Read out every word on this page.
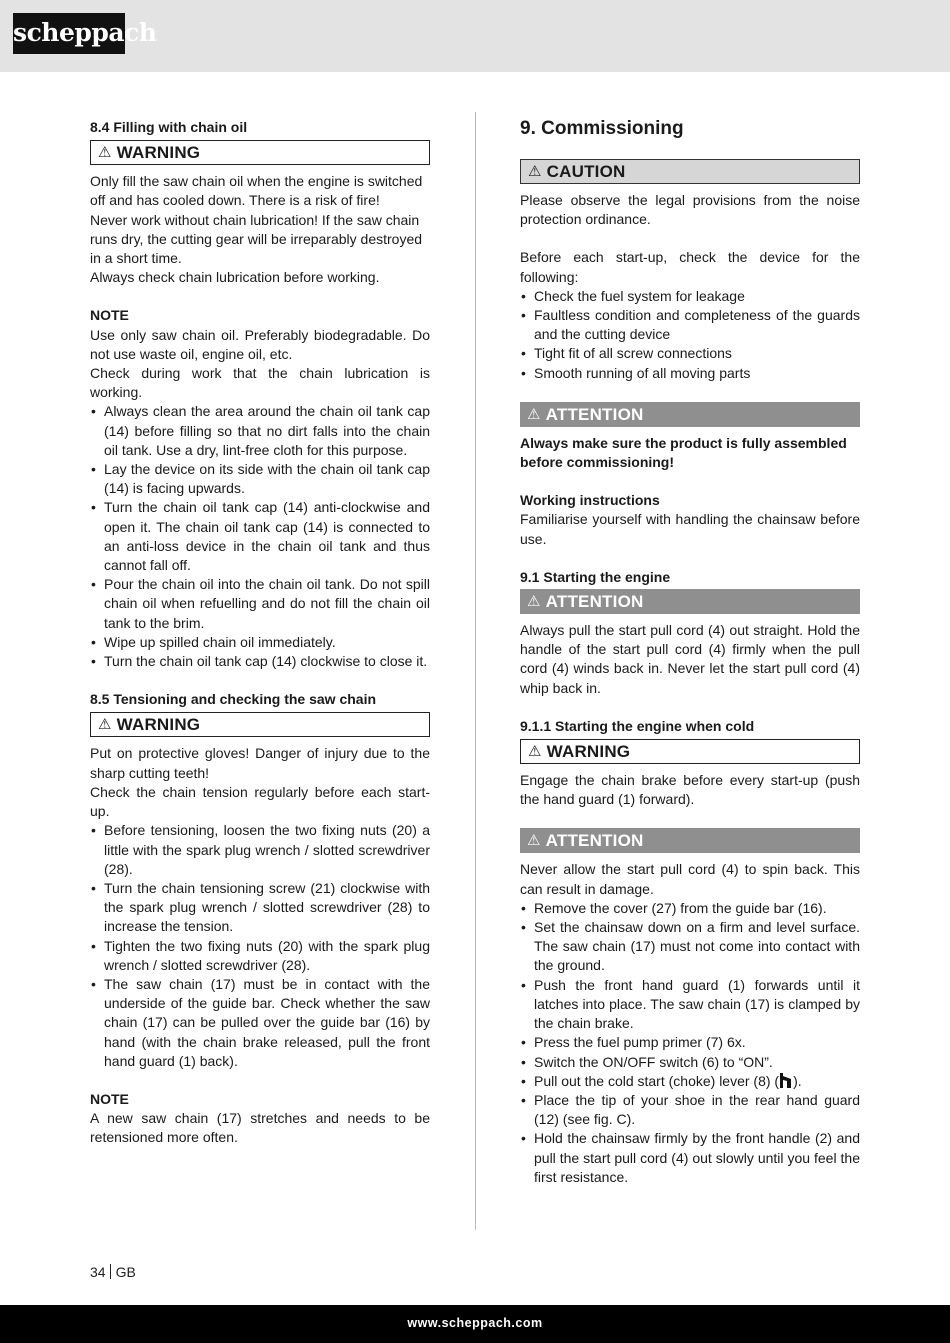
scheppach

8.4 Filling with chain oil

⚠ WARNING

Only fill the saw chain oil when the engine is switched off and has cooled down. There is a risk of fire!

Never work without chain lubrication! If the saw chain runs dry, the cutting gear will be irreparably destroyed in a short time.

Always check chain lubrication before working.

NOTE

Use only saw chain oil. Preferably biodegradable. Do not use waste oil, engine oil, etc.

Check during work that the chain lubrication is working.

• Always clean the area around the chain oil tank cap (14) before filling so that no dirt falls into the chain oil tank. Use a dry, lint-free cloth for this purpose.
• Lay the device on its side with the chain oil tank cap (14) is facing upwards.
• Turn the chain oil tank cap (14) anti-clockwise and open it. The chain oil tank cap (14) is connected to an anti-loss device in the chain oil tank and thus cannot fall off.
• Pour the chain oil into the chain oil tank. Do not spill chain oil when refuelling and do not fill the chain oil tank to the brim.
• Wipe up spilled chain oil immediately.
• Turn the chain oil tank cap (14) clockwise to close it.

8.5 Tensioning and checking the saw chain

⚠ WARNING

Put on protective gloves! Danger of injury due to the sharp cutting teeth!

Check the chain tension regularly before each start-up.

• Before tensioning, loosen the two fixing nuts (20) a little with the spark plug wrench / slotted screwdriver (28).
• Turn the chain tensioning screw (21) clockwise with the spark plug wrench / slotted screwdriver (28) to increase the tension.
• Tighten the two fixing nuts (20) with the spark plug wrench / slotted screwdriver (28).
• The saw chain (17) must be in contact with the underside of the guide bar. Check whether the saw chain (17) can be pulled over the guide bar (16) by hand (with the chain brake released, pull the front hand guard (1) back).

NOTE

A new saw chain (17) stretches and needs to be retensioned more often.

9. Commissioning

⚠ CAUTION

Please observe the legal provisions from the noise protection ordinance.

Before each start-up, check the device for the following:

• Check the fuel system for leakage
• Faultless condition and completeness of the guards and the cutting device
• Tight fit of all screw connections
• Smooth running of all moving parts
⚠ ATTENTION

Always make sure the product is fully assembled before commissioning!

Working instructions

Familiarise yourself with handling the chainsaw before use.

9.1 Starting the engine

⚠ ATTENTION

Always pull the start pull cord (4) out straight. Hold the handle of the start pull cord (4) firmly when the pull cord (4) winds back in. Never let the start pull cord (4) whip back in.

9.1.1 Starting the engine when cold

⚠ WARNING

Engage the chain brake before every start-up (push the hand guard (1) forward).

⚠ ATTENTION

Never allow the start pull cord (4) to spin back. This can result in damage.

• Remove the cover (27) from the guide bar (16).
• Set the chainsaw down on a firm and level surface. The saw chain (17) must not come into contact with the ground.
• Push the front hand guard (1) forwards until it latches into place. The saw chain (17) is clamped by the chain brake.
• Press the fuel pump primer (7) 6x.
• Switch the ON/OFF switch (6) to “ON”.
• Pull out the cold start (choke) lever (8) ( ).
• Place the tip of your shoe in the rear hand guard (12) (see fig. C).
• Hold the chainsaw firmly by the front handle (2) and pull the start pull cord (4) out slowly until you feel the first resistance.
34 GB
www.scheppach.com
